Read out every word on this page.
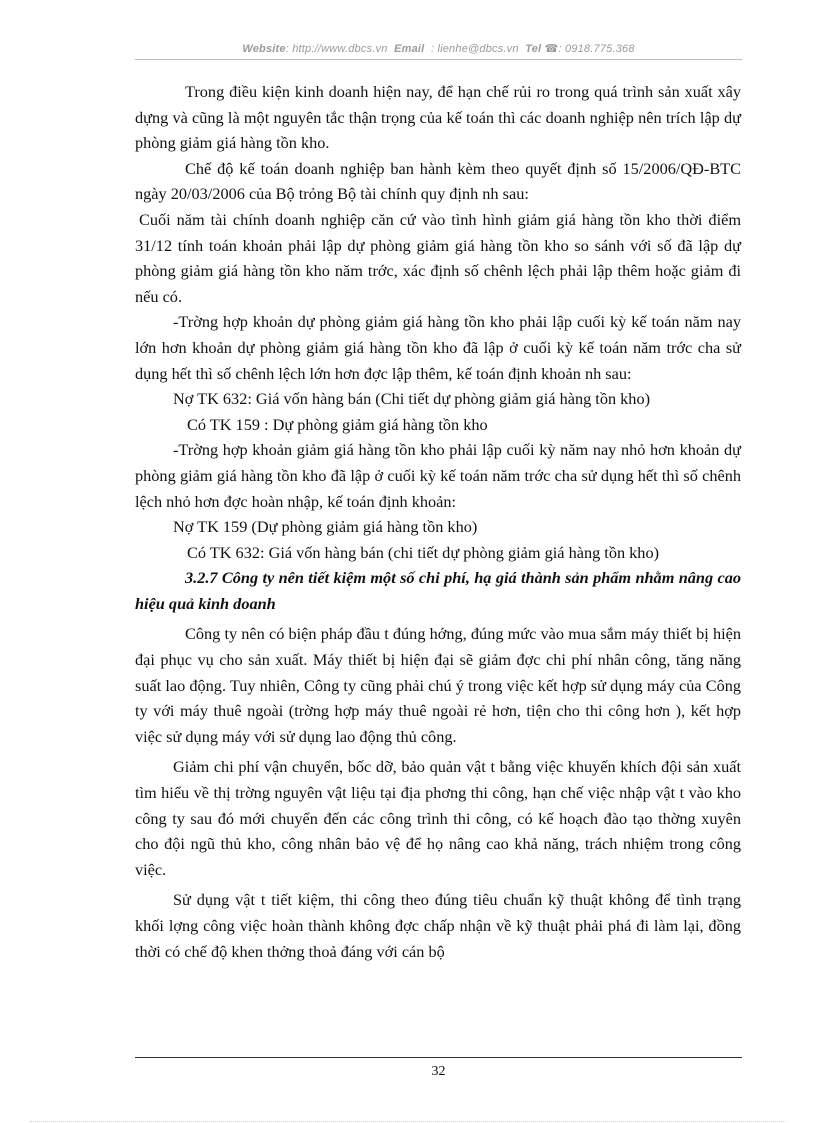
Website: http://www.dbcs.vn Email : lienhe@dbcs.vn Tel ☎: 0918.775.368

Trong điều kiện kinh doanh hiện nay, để hạn chế rủi ro trong quá trình sản xuất xây dựng và cũng là một nguyên tắc thận trọng của kế toán thì các doanh nghiệp nên trích lập dự phòng giảm giá hàng tồn kho.

Chế độ kế toán doanh nghiệp ban hành kèm theo quyết định số 15/2006/QĐ-BTC ngày 20/03/2006 của Bộ trỏng Bộ tài chính quy định nh sau:

Cuối năm tài chính doanh nghiệp căn cứ vào tình hình giảm giá hàng tồn kho thời điểm 31/12 tính toán khoản phải lập dự phòng giảm giá hàng tồn kho so sánh với số đã lập dự phòng giảm giá hàng tồn kho năm trớc, xác định số chênh lệch phải lập thêm hoặc giảm đi nếu có.

-Trờng hợp khoản dự phòng giảm giá hàng tồn kho phải lập cuối kỳ kế toán năm nay lớn hơn khoản dự phòng giảm giá hàng tồn kho đã lập ở cuối kỳ kế toán năm trớc cha sử dụng hết thì số chênh lệch lớn hơn đợc lập thêm, kế toán định khoản nh sau:

Nợ TK 632: Giá vốn hàng bán (Chi tiết dự phòng giảm giá hàng tồn kho)

Có TK 159 : Dự phòng giảm giá hàng tồn kho

-Trờng hợp khoản giảm giá hàng tồn kho phải lập cuối kỳ năm nay nhỏ hơn khoản dự phòng giảm giá hàng tồn kho đã lập ở cuối kỳ kế toán năm trớc cha sử dụng hết thì số chênh lệch nhỏ hơn đợc hoàn nhập, kế toán định khoản:

Nợ TK 159 (Dự phòng giảm giá hàng tồn kho)

Có TK 632: Giá vốn hàng bán (chi tiết dự phòng giảm giá hàng tồn kho)

3.2.7 Công ty nên tiết kiệm một số chi phí, hạ giá thành sản phẩm nhằm nâng cao hiệu quả kinh doanh

Công ty nên có biện pháp đầu t đúng hớng, đúng mức vào mua sắm máy thiết bị hiện đại phục vụ cho sản xuất. Máy thiết bị hiện đại sẽ giảm đợc chi phí nhân công, tăng năng suất lao động. Tuy nhiên, Công ty cũng phải chú ý trong việc kết hợp sử dụng máy của Công ty với máy thuê ngoài (trờng hợp máy thuê ngoài rẻ hơn, tiện cho thi công hơn ), kết hợp việc sử dụng máy với sử dụng lao động thủ công.

Giảm chi phí vận chuyển, bốc dỡ, bảo quản vật t bằng việc khuyến khích đội sản xuất tìm hiểu về thị trờng nguyên vật liệu tại địa phơng thi công, hạn chế việc nhập vật t vào kho công ty sau đó mới chuyển đến các công trình thi công, có kế hoạch đào tạo thờng xuyên cho đội ngũ thủ kho, công nhân bảo vệ để họ nâng cao khả năng, trách nhiệm trong công việc.

Sử dụng vật t tiết kiệm, thi công theo đúng tiêu chuẩn kỹ thuật không để tình trạng khối lợng công việc hoàn thành không đợc chấp nhận về kỹ thuật phải phá đi làm lại, đồng thời có chế độ khen thởng thoả đáng với cán bộ

32
